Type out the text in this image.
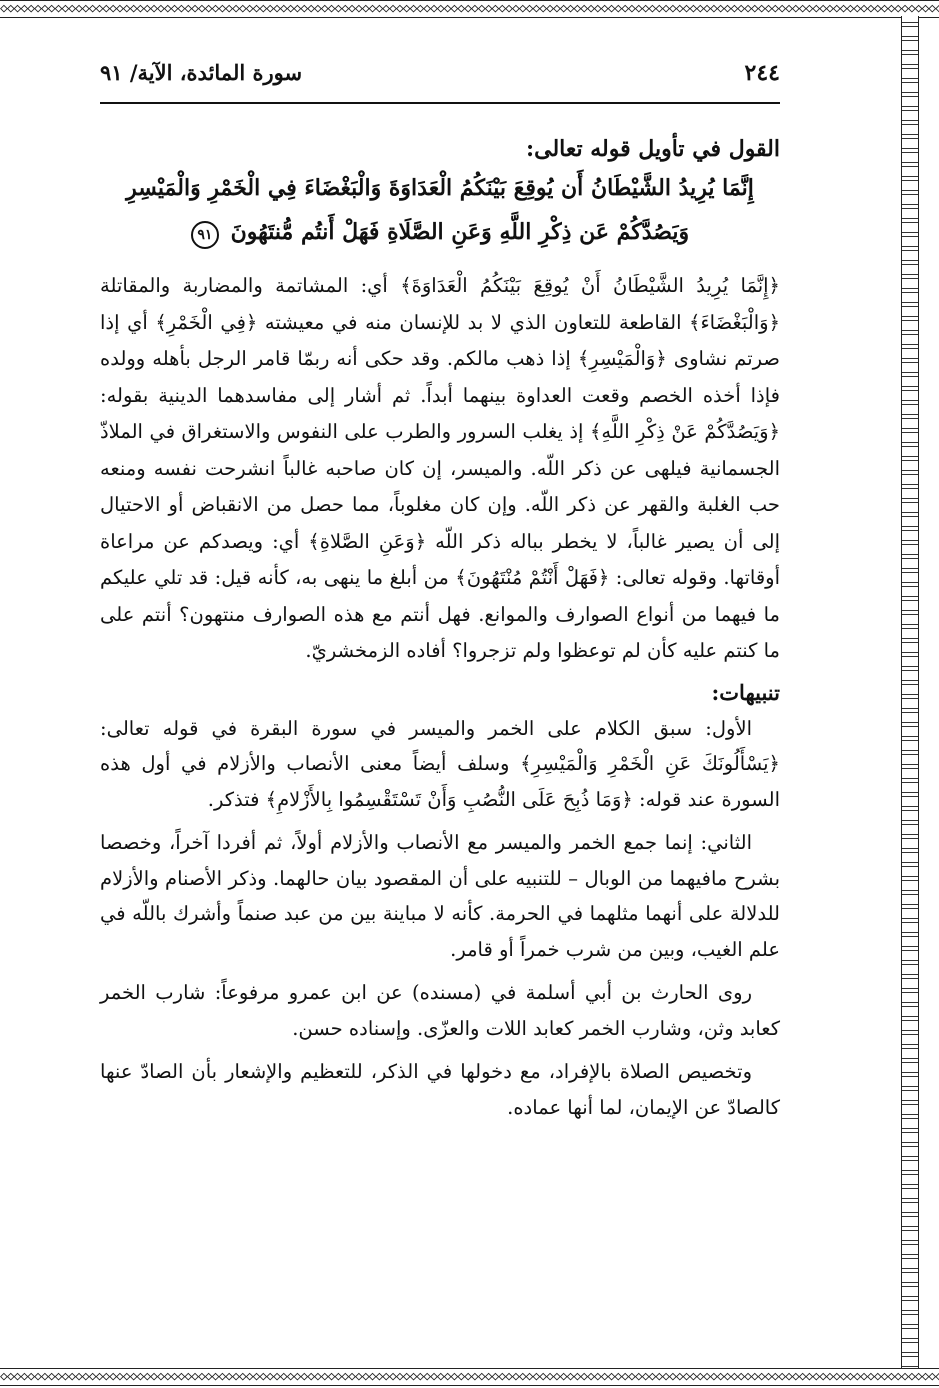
◇◇◇◇◇◇◇◇◇◇◇◇◇◇◇◇◇◇◇◇◇◇◇◇◇◇◇◇◇◇◇◇◇◇◇◇◇◇◇◇◇◇◇◇◇◇◇◇◇◇◇◇◇◇◇◇◇◇◇◇◇◇◇◇◇◇◇◇◇◇◇◇◇◇◇◇◇◇◇◇◇◇◇◇◇◇◇◇◇◇◇◇◇◇◇◇◇◇◇◇◇◇◇◇◇◇◇◇◇◇◇◇◇◇◇◇◇◇◇◇◇◇◇◇◇◇◇◇◇◇◇◇◇◇◇◇◇◇◇◇◇◇◇◇◇◇◇◇◇◇◇◇◇◇◇◇◇◇◇◇◇◇◇◇◇◇◇◇◇◇◇◇◇◇
◇◇◇◇◇◇◇◇◇◇◇◇◇◇◇◇◇◇◇◇◇◇◇◇◇◇◇◇◇◇◇◇◇◇◇◇◇◇◇◇◇◇◇◇◇◇◇◇◇◇◇◇◇◇◇◇◇◇◇◇◇◇◇◇◇◇◇◇◇◇◇◇◇◇◇◇◇◇◇◇◇◇◇◇◇◇◇◇◇◇◇◇◇◇◇◇◇◇◇◇◇◇◇◇◇◇◇◇◇◇◇◇◇◇◇◇◇◇◇◇◇◇◇◇◇◇◇◇◇◇◇◇◇◇◇◇◇◇◇◇◇◇◇◇◇◇◇◇◇◇◇◇◇◇◇◇◇◇◇◇◇◇◇◇◇◇◇◇◇◇◇◇◇◇
٢٤٤
سورة المائدة، الآية/ ٩١
القول في تأويل قوله تعالى:
إِنَّمَا يُرِيدُ الشَّيْطَانُ أَن يُوقِعَ بَيْنَكُمُ الْعَدَاوَةَ وَالْبَغْضَاءَ فِي الْخَمْرِ وَالْمَيْسِرِ
وَيَصُدَّكُمْ عَن ذِكْرِ اللَّهِ وَعَنِ الصَّلَاةِ فَهَلْ أَنتُم مُّنتَهُونَ ٩١

﴿إِنَّمَا يُرِيدُ الشَّيْطَانُ أَنْ يُوقِعَ بَيْنَكُمُ الْعَدَاوَةَ﴾ أي: المشاتمة والمضاربة والمقاتلة ﴿وَالْبَغْضَاءَ﴾ القاطعة للتعاون الذي لا بد للإنسان منه في معيشته ﴿فِي الْخَمْرِ﴾ أي إذا صرتم نشاوى ﴿وَالْمَيْسِرِ﴾ إذا ذهب مالكم. وقد حكى أنه ربمّا قامر الرجل بأهله وولده فإذا أخذه الخصم وقعت العداوة بينهما أبداً. ثم أشار إلى مفاسدهما الدينية بقوله: ﴿وَيَصُدَّكُمْ عَنْ ذِكْرِ اللَّهِ﴾ إذ يغلب السرور والطرب على النفوس والاستغراق في الملاذّ الجسمانية فيلهى عن ذكر اللّه. والميسر، إن كان صاحبه غالباً انشرحت نفسه ومنعه حب الغلبة والقهر عن ذكر اللّه. وإن كان مغلوباً، مما حصل من الانقباض أو الاحتيال إلى أن يصير غالباً، لا يخطر بباله ذكر اللّه ﴿وَعَنِ الصَّلاةِ﴾ أي: ويصدكم عن مراعاة أوقاتها. وقوله تعالى: ﴿فَهَلْ أَنْتُمْ مُنْتَهُونَ﴾ من أبلغ ما ينهى به، كأنه قيل: قد تلي عليكم ما فيهما من أنواع الصوارف والموانع. فهل أنتم مع هذه الصوارف منتهون؟ أنتم على ما كنتم عليه كأن لم توعظوا ولم تزجروا؟ أفاده الزمخشريّ.

تنبيهات:

الأول: سبق الكلام على الخمر والميسر في سورة البقرة في قوله تعالى: ﴿يَسْأَلُونَكَ عَنِ الْخَمْرِ وَالْمَيْسِرِ﴾ وسلف أيضاً معنى الأنصاب والأزلام في أول هذه السورة عند قوله: ﴿وَمَا ذُبِحَ عَلَى النُّصُبِ وَأَنْ تَسْتَقْسِمُوا بِالأَزْلامِ﴾ فتذكر.

الثاني: إنما جمع الخمر والميسر مع الأنصاب والأزلام أولاً، ثم أفردا آخراً، وخصصا بشرح مافيهما من الوبال – للتنبيه على أن المقصود بيان حالهما. وذكر الأصنام والأزلام للدلالة على أنهما مثلهما في الحرمة. كأنه لا مباينة بين من عبد صنماً وأشرك باللّه في علم الغيب، وبين من شرب خمراً أو قامر.

روى الحارث بن أبي أسلمة في (مسنده) عن ابن عمرو مرفوعاً: شارب الخمر كعابد وثن، وشارب الخمر كعابد اللات والعزّى. وإسناده حسن.

وتخصيص الصلاة بالإفراد، مع دخولها في الذكر، للتعظيم والإشعار بأن الصادّ عنها كالصادّ عن الإيمان، لما أنها عماده.
